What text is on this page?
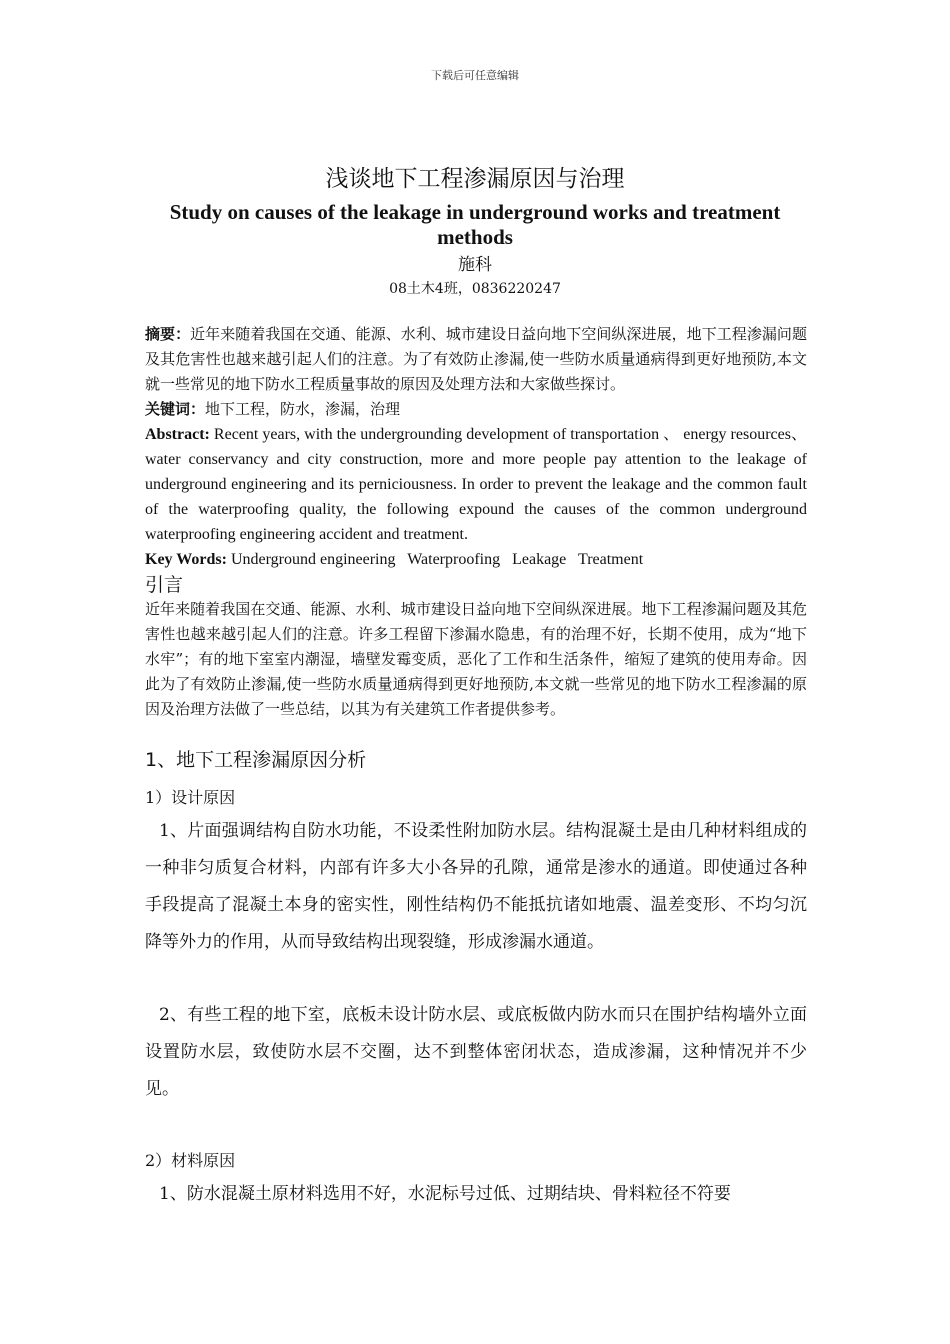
下载后可任意编辑
浅谈地下工程渗漏原因与治理
Study on causes of the leakage in underground works and treatment methods
施科
08土木4班，0836220247
摘要：近年来随着我国在交通、能源、水利、城市建设日益向地下空间纵深进展，地下工程渗漏问题及其危害性也越来越引起人们的注意。为了有效防止渗漏,使一些防水质量通病得到更好地预防,本文就一些常见的地下防水工程质量事故的原因及处理方法和大家做些探讨。
关键词：地下工程，防水，渗漏，治理
Abstract: Recent years, with the undergrounding development of transportation 、 energy resources、water conservancy and city construction, more and more people pay attention to the leakage of underground engineering and its perniciousness. In order to prevent the leakage and the common fault of the waterproofing quality, the following expound the causes of the common underground waterproofing engineering accident and treatment.
Key Words: Underground engineering   Waterproofing   Leakage   Treatment
引言
近年来随着我国在交通、能源、水利、城市建设日益向地下空间纵深进展。地下工程渗漏问题及其危害性也越来越引起人们的注意。许多工程留下渗漏水隐患，有的治理不好，长期不使用，成为“地下水牢”；有的地下室室内潮湿，墙壁发霉变质，恶化了工作和生活条件，缩短了建筑的使用寿命。因此为了有效防止渗漏,使一些防水质量通病得到更好地预防,本文就一些常见的地下防水工程渗漏的原因及治理方法做了一些总结，以其为有关建筑工作者提供参考。
1、地下工程渗漏原因分析
1）设计原因
1、片面强调结构自防水功能，不设柔性附加防水层。结构混凝土是由几种材料组成的一种非匀质复合材料，内部有许多大小各异的孔隙，通常是渗水的通道。即使通过各种手段提高了混凝土本身的密实性，刚性结构仍不能抵抗诸如地震、温差变形、不均匀沉降等外力的作用，从而导致结构出现裂缝，形成渗漏水通道。
2、有些工程的地下室，底板未设计防水层、或底板做内防水而只在围护结构墙外立面设置防水层，致使防水层不交圈，达不到整体密闭状态，造成渗漏，这种情况并不少见。
2）材料原因
1、防水混凝土原材料选用不好，水泥标号过低、过期结块、骨料粒径不符要
